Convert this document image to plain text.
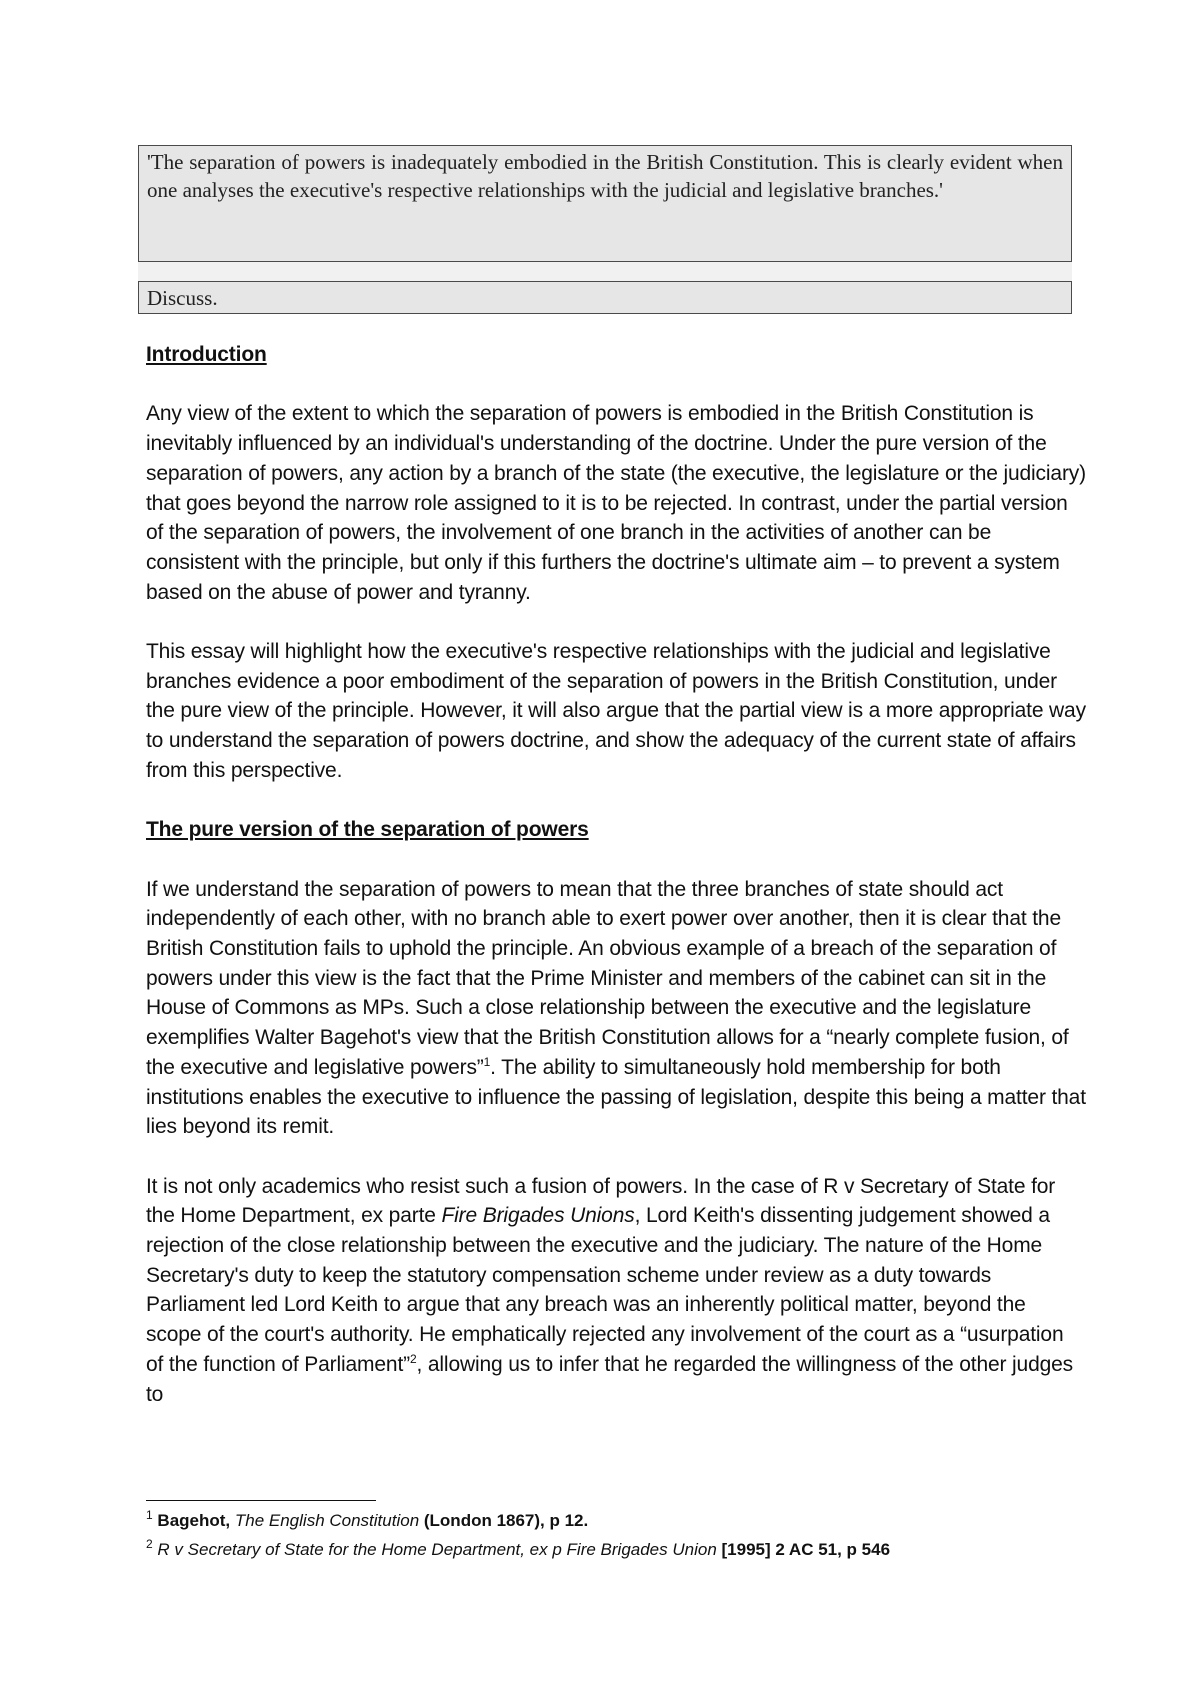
'The separation of powers is inadequately embodied in the British Constitution. This is clearly evident when one analyses the executive's respective relationships with the judicial and legislative branches.'
Discuss.
Introduction

Any view of the extent to which the separation of powers is embodied in the British Constitution is inevitably influenced by an individual's understanding of the doctrine. Under the pure version of the separation of powers, any action by a branch of the state (the executive, the legislature or the judiciary) that goes beyond the narrow role assigned to it is to be rejected. In contrast, under the partial version of the separation of powers, the involvement of one branch in the activities of another can be consistent with the principle, but only if this furthers the doctrine's ultimate aim – to prevent a system based on the abuse of power and tyranny.

This essay will highlight how the executive's respective relationships with the judicial and legislative branches evidence a poor embodiment of the separation of powers in the British Constitution, under the pure view of the principle. However, it will also argue that the partial view is a more appropriate way to understand the separation of powers doctrine, and show the adequacy of the current state of affairs from this perspective.

The pure version of the separation of powers

If we understand the separation of powers to mean that the three branches of state should act independently of each other, with no branch able to exert power over another, then it is clear that the British Constitution fails to uphold the principle. An obvious example of a breach of the separation of powers under this view is the fact that the Prime Minister and members of the cabinet can sit in the House of Commons as MPs. Such a close relationship between the executive and the legislature exemplifies Walter Bagehot's view that the British Constitution allows for a “nearly complete fusion, of the executive and legislative powers”$^1$. The ability to simultaneously hold membership for both institutions enables the executive to influence the passing of legislation, despite this being a matter that lies beyond its remit.

It is not only academics who resist such a fusion of powers. In the case of R v Secretary of State for the Home Department, ex parte Fire Brigades Unions, Lord Keith's dissenting judgement showed a rejection of the close relationship between the executive and the judiciary. The nature of the Home Secretary's duty to keep the statutory compensation scheme under review as a duty towards Parliament led Lord Keith to argue that any breach was an inherently political matter, beyond the scope of the court's authority. He emphatically rejected any involvement of the court as a “usurpation of the function of Parliament”$^2$, allowing us to infer that he regarded the willingness of the other judges to

$^1$ Bagehot, The English Constitution (London 1867), p 12.
$^2$ R v Secretary of State for the Home Department, ex p Fire Brigades Union [1995] 2 AC 51, p 546
